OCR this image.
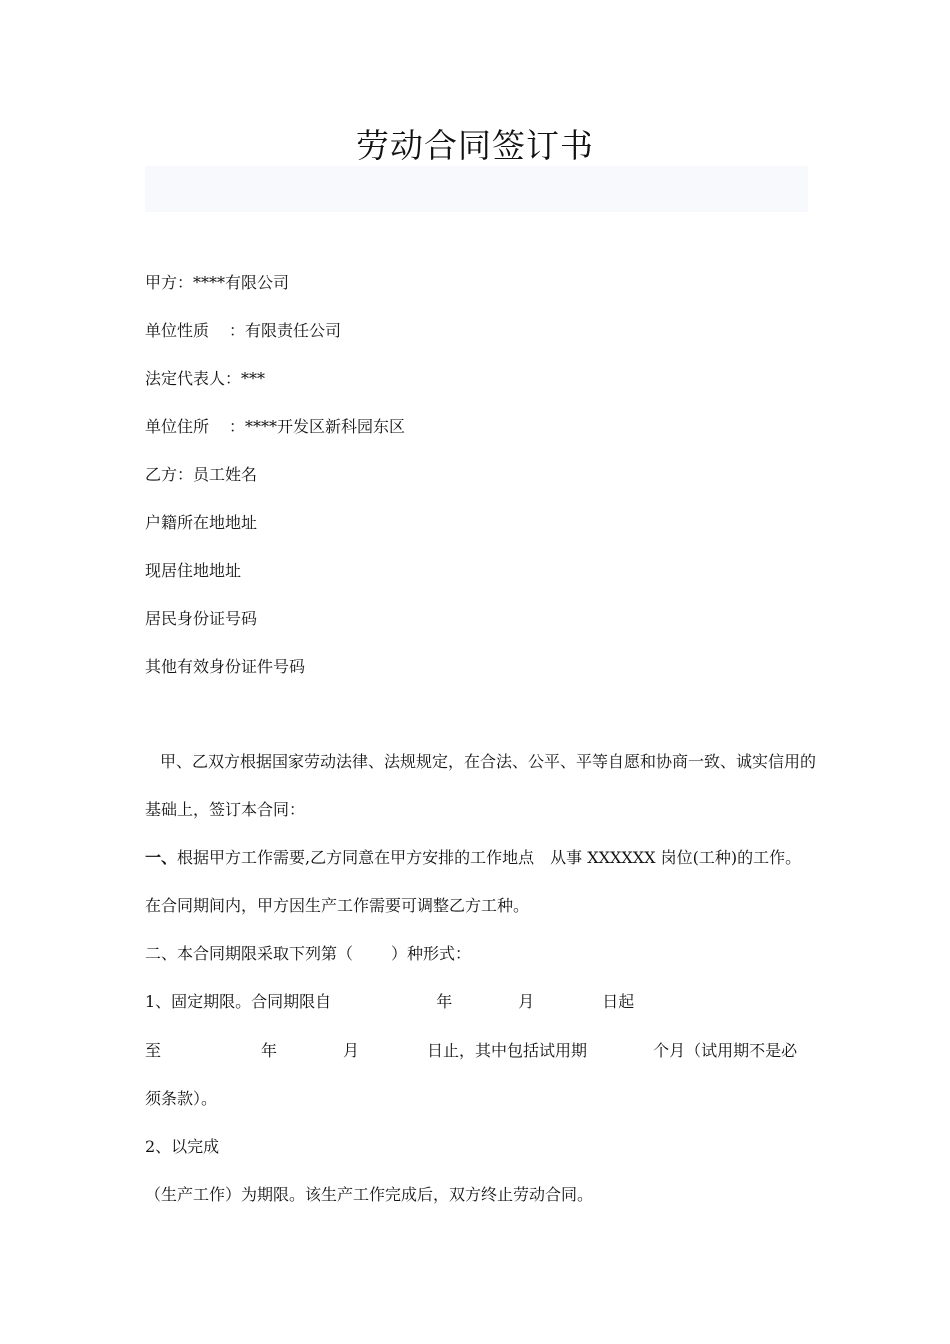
劳动合同签订书
甲方：****有限公司
单位性质 ：有限责任公司
法定代表人：***
单位住所 ：****开发区新科园东区
乙方：员工姓名
户籍所在地地址
现居住地地址
居民身份证号码
其他有效身份证件号码
甲、乙双方根据国家劳动法律、法规规定，在合法、公平、平等自愿和协商一致、诚实信用的
基础上，签订本合同：
一、根据甲方工作需要,乙方同意在甲方安排的工作地点 从事 XXXXXX 岗位(工种)的工作。
在合同期间内，甲方因生产工作需要可调整乙方工种。
二、本合同期限采取下列第（ ）种形式：
1、固定期限。合同期限自	年	月	日起
至	年	月	日止，其中包括试用期	个月（试用期不是必
须条款）。
2、以完成
（生产工作）为期限。该生产工作完成后，双方终止劳动合同。
